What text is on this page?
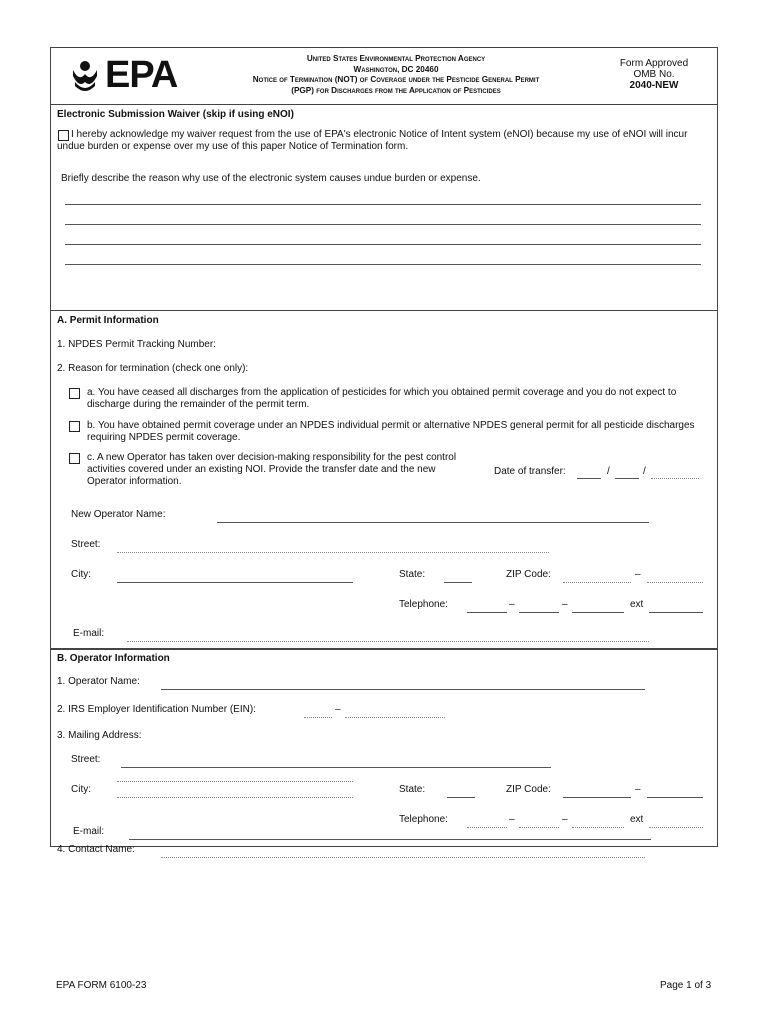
EPA	United States Environmental Protection Agency
Washington, DC 20460
Notice of Termination (NOT) of Coverage under the Pesticide General Permit
(PGP) for Discharges from the Application of Pesticides
Form Approved
OMB No.
2040-NEW
Electronic Submission Waiver (skip if using eNOI)
I hereby acknowledge my waiver request from the use of EPA's electronic Notice of Intent system (eNOI) because my use of eNOI will incur undue burden or expense over my use of this paper Notice of Termination form.
Briefly describe the reason why use of the electronic system causes undue burden or expense.
A. Permit Information
1. NPDES Permit Tracking Number:
2. Reason for termination (check one only):
a. You have ceased all discharges from the application of pesticides for which you obtained permit coverage and you do not expect to discharge during the remainder of the permit term.
b. You have obtained permit coverage under an NPDES individual permit or alternative NPDES general permit for all pesticide discharges requiring NPDES permit coverage.
c. A new Operator has taken over decision-making responsibility for the pest control activities covered under an existing NOI. Provide the transfer date and the new Operator information.
Date of transfer:	/	/
New Operator Name:
Street:
City:	State:	ZIP Code:	–
Telephone:	–	–	ext
E-mail:
B. Operator Information
1. Operator Name:
2. IRS Employer Identification Number (EIN):	–
3. Mailing Address:
Street:
City:	State:	ZIP Code:	–
Telephone:	–	–	ext
4. Contact Name:
E-mail:
EPA FORM 6100-23	Page 1 of 3
